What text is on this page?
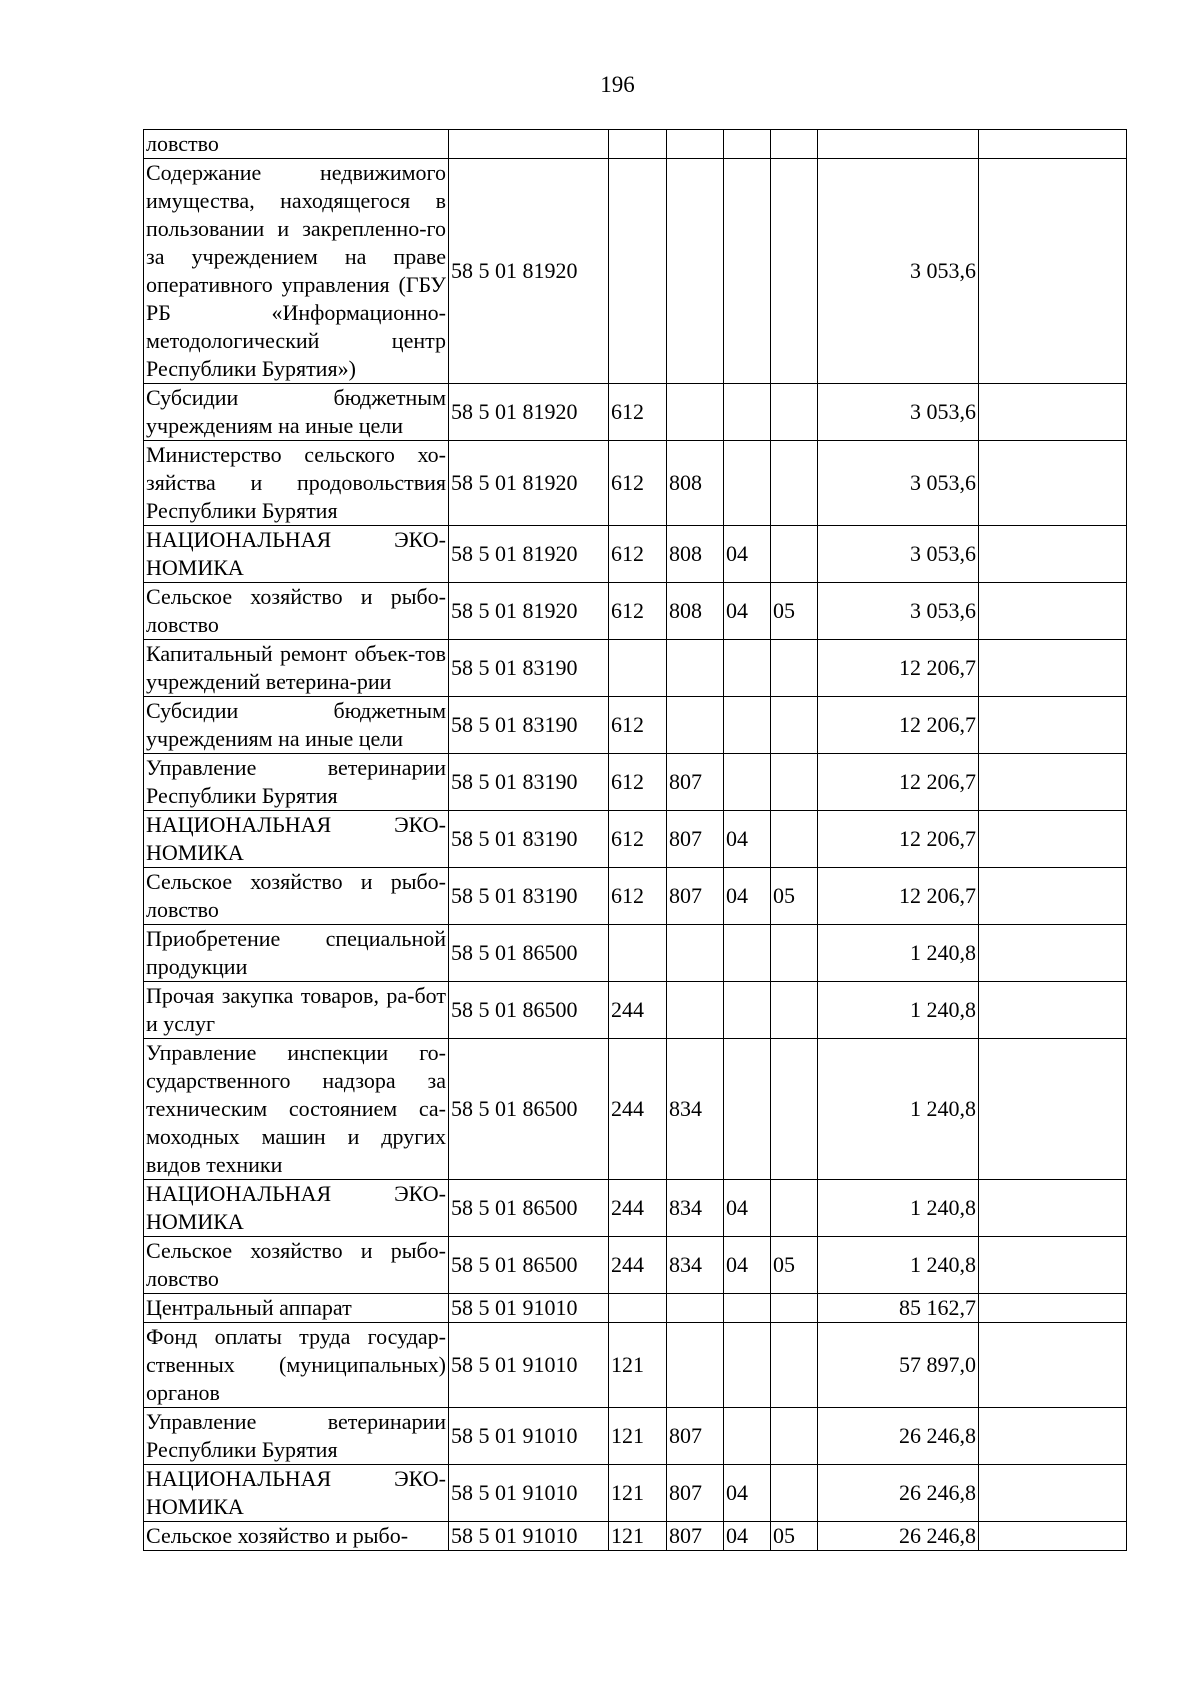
196
ловство							
Содержание недвижимого имущества, находящегося в пользовании и закрепленно-го за учреждением на праве оперативного управления (ГБУ РБ «Информационно-методологический центр Республики Бурятия»)	58 5 01 81920					3 053,6	
Субсидии бюджетным учреждениям на иные цели	58 5 01 81920	612				3 053,6	
Министерство сельского хо-зяйства и продовольствия Республики Бурятия	58 5 01 81920	612	808			3 053,6	
НАЦИОНАЛЬНАЯ ЭКО-НОМИКА	58 5 01 81920	612	808	04		3 053,6	
Сельское хозяйство и рыбо-ловство	58 5 01 81920	612	808	04	05	3 053,6	
Капитальный ремонт объек-тов учреждений ветерина-рии	58 5 01 83190					12 206,7	
Субсидии бюджетным учреждениям на иные цели	58 5 01 83190	612				12 206,7	
Управление ветеринарии Республики Бурятия	58 5 01 83190	612	807			12 206,7	
НАЦИОНАЛЬНАЯ ЭКО-НОМИКА	58 5 01 83190	612	807	04		12 206,7	
Сельское хозяйство и рыбо-ловство	58 5 01 83190	612	807	04	05	12 206,7	
Приобретение специальной продукции	58 5 01 86500					1 240,8	
Прочая закупка товаров, ра-бот и услуг	58 5 01 86500	244				1 240,8	
Управление инспекции го-сударственного надзора за техническим состоянием са-моходных машин и других видов техники	58 5 01 86500	244	834			1 240,8	
НАЦИОНАЛЬНАЯ ЭКО-НОМИКА	58 5 01 86500	244	834	04		1 240,8	
Сельское хозяйство и рыбо-ловство	58 5 01 86500	244	834	04	05	1 240,8	
Центральный аппарат	58 5 01 91010					85 162,7	
Фонд оплаты труда государ-ственных (муниципальных) органов	58 5 01 91010	121				57 897,0	
Управление ветеринарии Республики Бурятия	58 5 01 91010	121	807			26 246,8	
НАЦИОНАЛЬНАЯ ЭКО-НОМИКА	58 5 01 91010	121	807	04		26 246,8	
Сельское хозяйство и рыбо-	58 5 01 91010	121	807	04	05	26 246,8	
